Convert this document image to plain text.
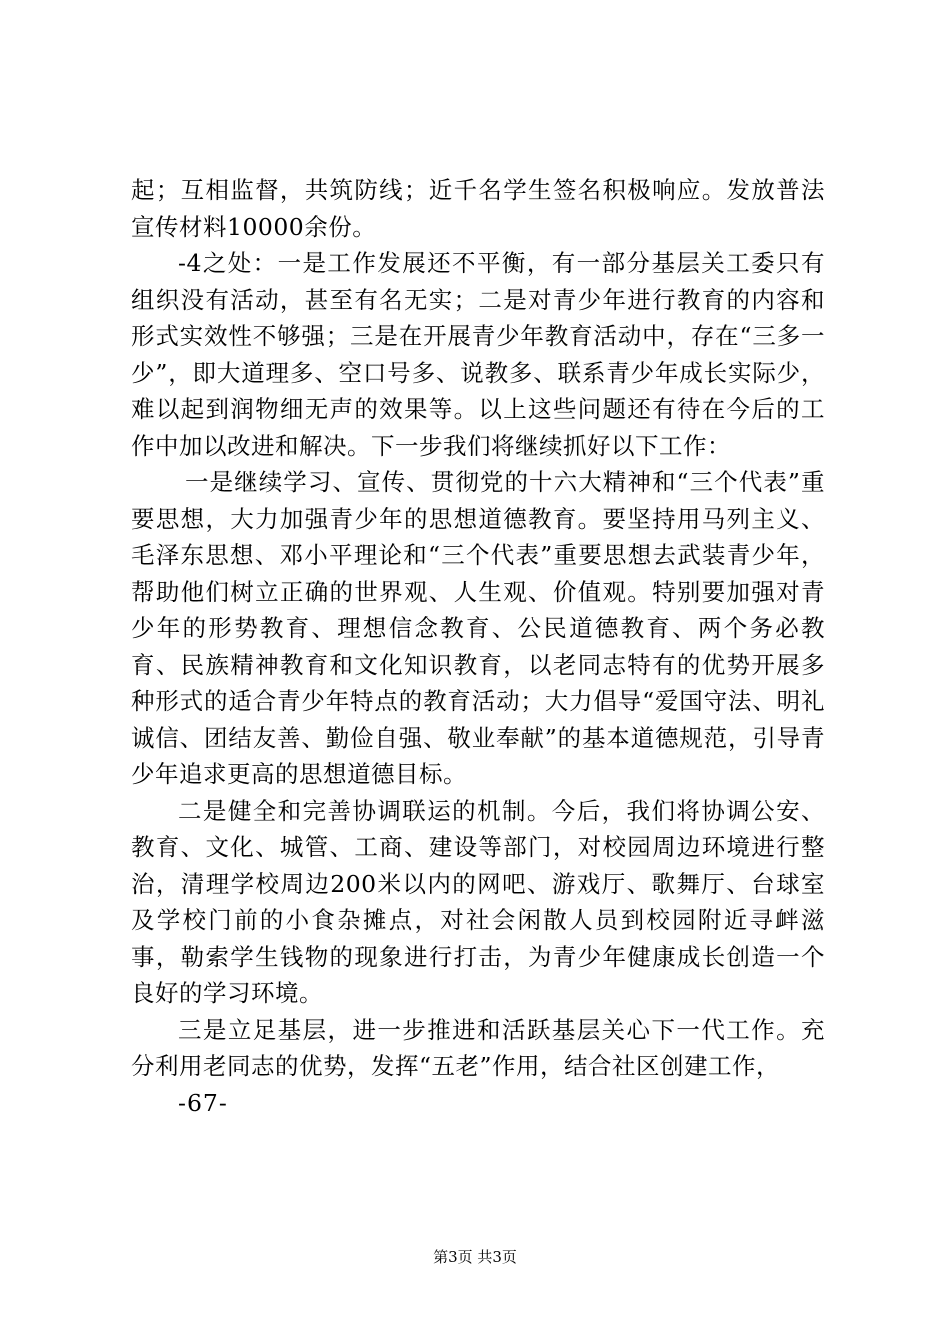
起；互相监督，共筑防线；近千名学生签名积极响应。发放普法宣传材料10000余份。

-4之处：一是工作发展还不平衡，有一部分基层关工委只有组织没有活动，甚至有名无实；二是对青少年进行教育的内容和形式实效性不够强；三是在开展青少年教育活动中，存在“三多一少”，即大道理多、空口号多、说教多、联系青少年成长实际少，难以起到润物细无声的效果等。以上这些问题还有待在今后的工作中加以改进和解决。下一步我们将继续抓好以下工作：

一是继续学习、宣传、贯彻党的十六大精神和“三个代表”重要思想，大力加强青少年的思想道德教育。要坚持用马列主义、毛泽东思想、邓小平理论和“三个代表”重要思想去武装青少年，帮助他们树立正确的世界观、人生观、价值观。特别要加强对青少年的形势教育、理想信念教育、公民道德教育、两个务必教育、民族精神教育和文化知识教育，以老同志特有的优势开展多种形式的适合青少年特点的教育活动；大力倡导“爱国守法、明礼诚信、团结友善、勤俭自强、敬业奉献”的基本道德规范，引导青少年追求更高的思想道德目标。

二是健全和完善协调联运的机制。今后，我们将协调公安、教育、文化、城管、工商、建设等部门，对校园周边环境进行整治，清理学校周边200米以内的网吧、游戏厅、歌舞厅、台球室及学校门前的小食杂摊点，对社会闲散人员到校园附近寻衅滋事，勒索学生钱物的现象进行打击，为青少年健康成长创造一个良好的学习环境。

三是立足基层，进一步推进和活跃基层关心下一代工作。充分利用老同志的优势，发挥“五老”作用，结合社区创建工作，

-67-

第3页 共3页
